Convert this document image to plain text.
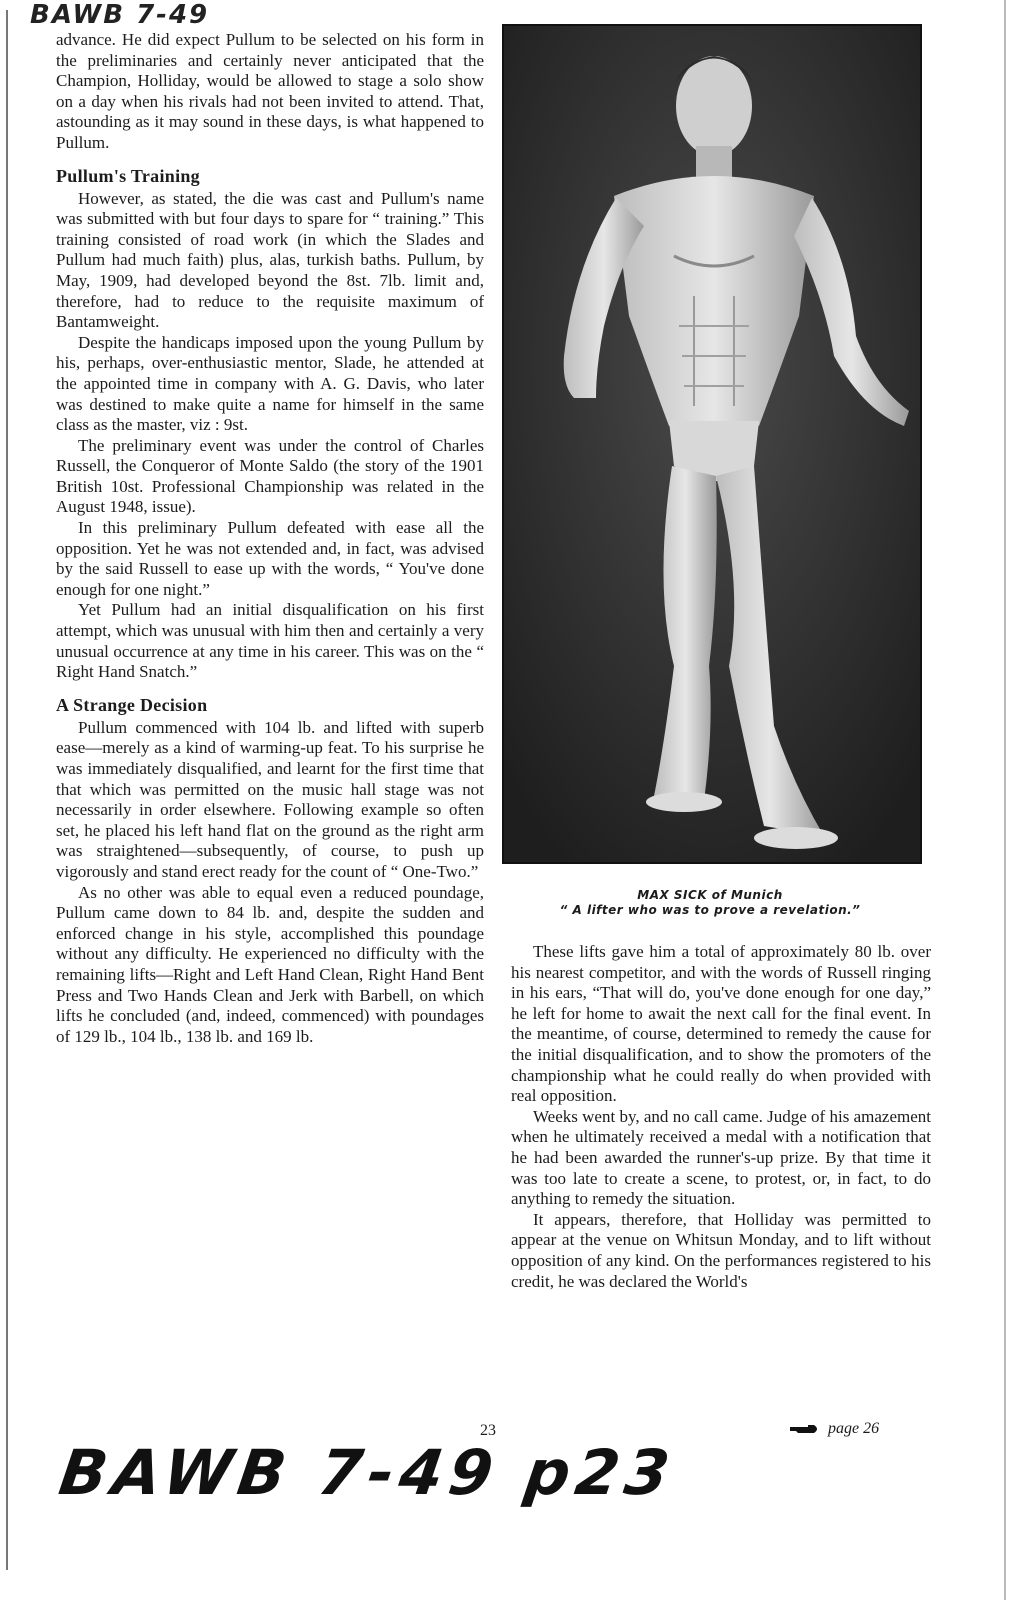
BAWB 7-49

advance. He did expect Pullum to be selected on his form in the preliminaries and certainly never anticipated that the Champion, Holliday, would be allowed to stage a solo show on a day when his rivals had not been invited to attend. That, astounding as it may sound in these days, is what happened to Pullum.

Pullum's Training

However, as stated, the die was cast and Pullum's name was submitted with but four days to spare for “ training.” This training consisted of road work (in which the Slades and Pullum had much faith) plus, alas, turkish baths. Pullum, by May, 1909, had developed beyond the 8st. 7lb. limit and, therefore, had to reduce to the requisite maximum of Bantamweight.

Despite the handicaps imposed upon the young Pullum by his, perhaps, over-enthusiastic mentor, Slade, he attended at the appointed time in company with A. G. Davis, who later was destined to make quite a name for himself in the same class as the master, viz : 9st.

The preliminary event was under the control of Charles Russell, the Conqueror of Monte Saldo (the story of the 1901 British 10st. Professional Championship was related in the August 1948, issue).

In this preliminary Pullum defeated with ease all the opposition. Yet he was not extended and, in fact, was advised by the said Russell to ease up with the words, “ You've done enough for one night.”

Yet Pullum had an initial disqualification on his first attempt, which was unusual with him then and certainly a very unusual occurrence at any time in his career. This was on the “ Right Hand Snatch.”

A Strange Decision

Pullum commenced with 104 lb. and lifted with superb ease—merely as a kind of warming-up feat. To his surprise he was immediately disqualified, and learnt for the first time that that which was permitted on the music hall stage was not necessarily in order elsewhere. Following example so often set, he placed his left hand flat on the ground as the right arm was straightened—subsequently, of course, to push up vigorously and stand erect ready for the count of “ One-Two.”

As no other was able to equal even a reduced poundage, Pullum came down to 84 lb. and, despite the sudden and enforced change in his style, accomplished this poundage without any difficulty. He experienced no difficulty with the remaining lifts—Right and Left Hand Clean, Right Hand Bent Press and Two Hands Clean and Jerk with Barbell, on which lifts he concluded (and, indeed, commenced) with poundages of 129 lb., 104 lb., 138 lb. and 169 lb.

MAX SICK of Munich
“ A lifter who was to prove a revelation.”

These lifts gave him a total of approximately 80 lb. over his nearest competitor, and with the words of Russell ringing in his ears, “That will do, you've done enough for one day,” he left for home to await the next call for the final event. In the meantime, of course, determined to remedy the cause for the initial disqualification, and to show the promoters of the championship what he could really do when provided with real opposition.

Weeks went by, and no call came. Judge of his amazement when he ultimately received a medal with a notification that he had been awarded the runner's-up prize. By that time it was too late to create a scene, to protest, or, in fact, to do anything to remedy the situation.

It appears, therefore, that Holliday was permitted to appear at the venue on Whitsun Monday, and to lift without opposition of any kind. On the performances registered to his credit, he was declared the World's

23	page 26
BAWB 7-49 p23
